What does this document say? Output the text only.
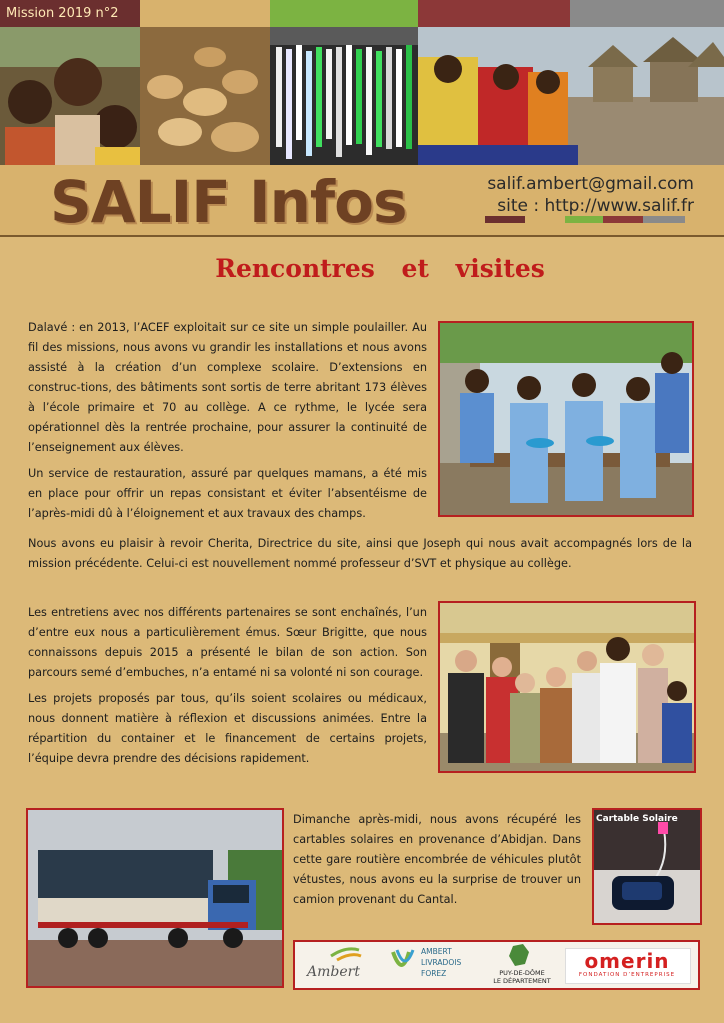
Mission 2019 n°2
SALIF Infos	salif.ambert@gmail.com
site : http://www.salif.fr
Rencontres et visites

Dalavé : en 2013, l’ACEF exploitait sur ce site un simple poulailler. Au fil des missions, nous avons vu grandir les installations et nous avons assisté à la création d’un complexe scolaire. D’extensions en construc-tions, des bâtiments sont sortis de terre abritant 173 élèves à l’école primaire et 70 au collège. A ce rythme, le lycée sera opérationnel dès la rentrée prochaine, pour assurer la continuité de l’enseignement aux élèves.

Un service de restauration, assuré par quelques mamans, a été mis en place pour offrir un repas consistant et éviter l’absentéisme de l’après-midi dû à l’éloignement et aux travaux des champs.

Nous avons eu plaisir à revoir Cherita, Directrice du site, ainsi que Joseph qui nous avait accompagnés lors de la mission précédente. Celui-ci est nouvellement nommé professeur d’SVT et physique au collège.

Les entretiens avec nos différents partenaires se sont enchaînés, l’un d’entre eux nous a particulièrement émus. Sœur Brigitte, que nous connaissons depuis 2015 a présenté le bilan de son action. Son parcours semé d’embuches, n’a entamé ni sa volonté ni son courage.

Les projets proposés par tous, qu’ils soient scolaires ou médicaux, nous donnent matière à réflexion et discussions animées. Entre la répartition du container et le financement de certains projets, l’équipe devra prendre des décisions rapidement.

Dimanche après-midi, nous avons récupéré les cartables solaires en provenance d’Abidjan. Dans cette gare routière encombrée de véhicules plutôt vétustes, nous avons eu la surprise de trouver un camion provenant du Cantal.

Cartable Solaire
Ambert
AMBERT
LIVRADOIS
FOREZ	PUY-DE-DÔME
LE DÉPARTEMENT
omerin
FONDATION D’ENTREPRISE
